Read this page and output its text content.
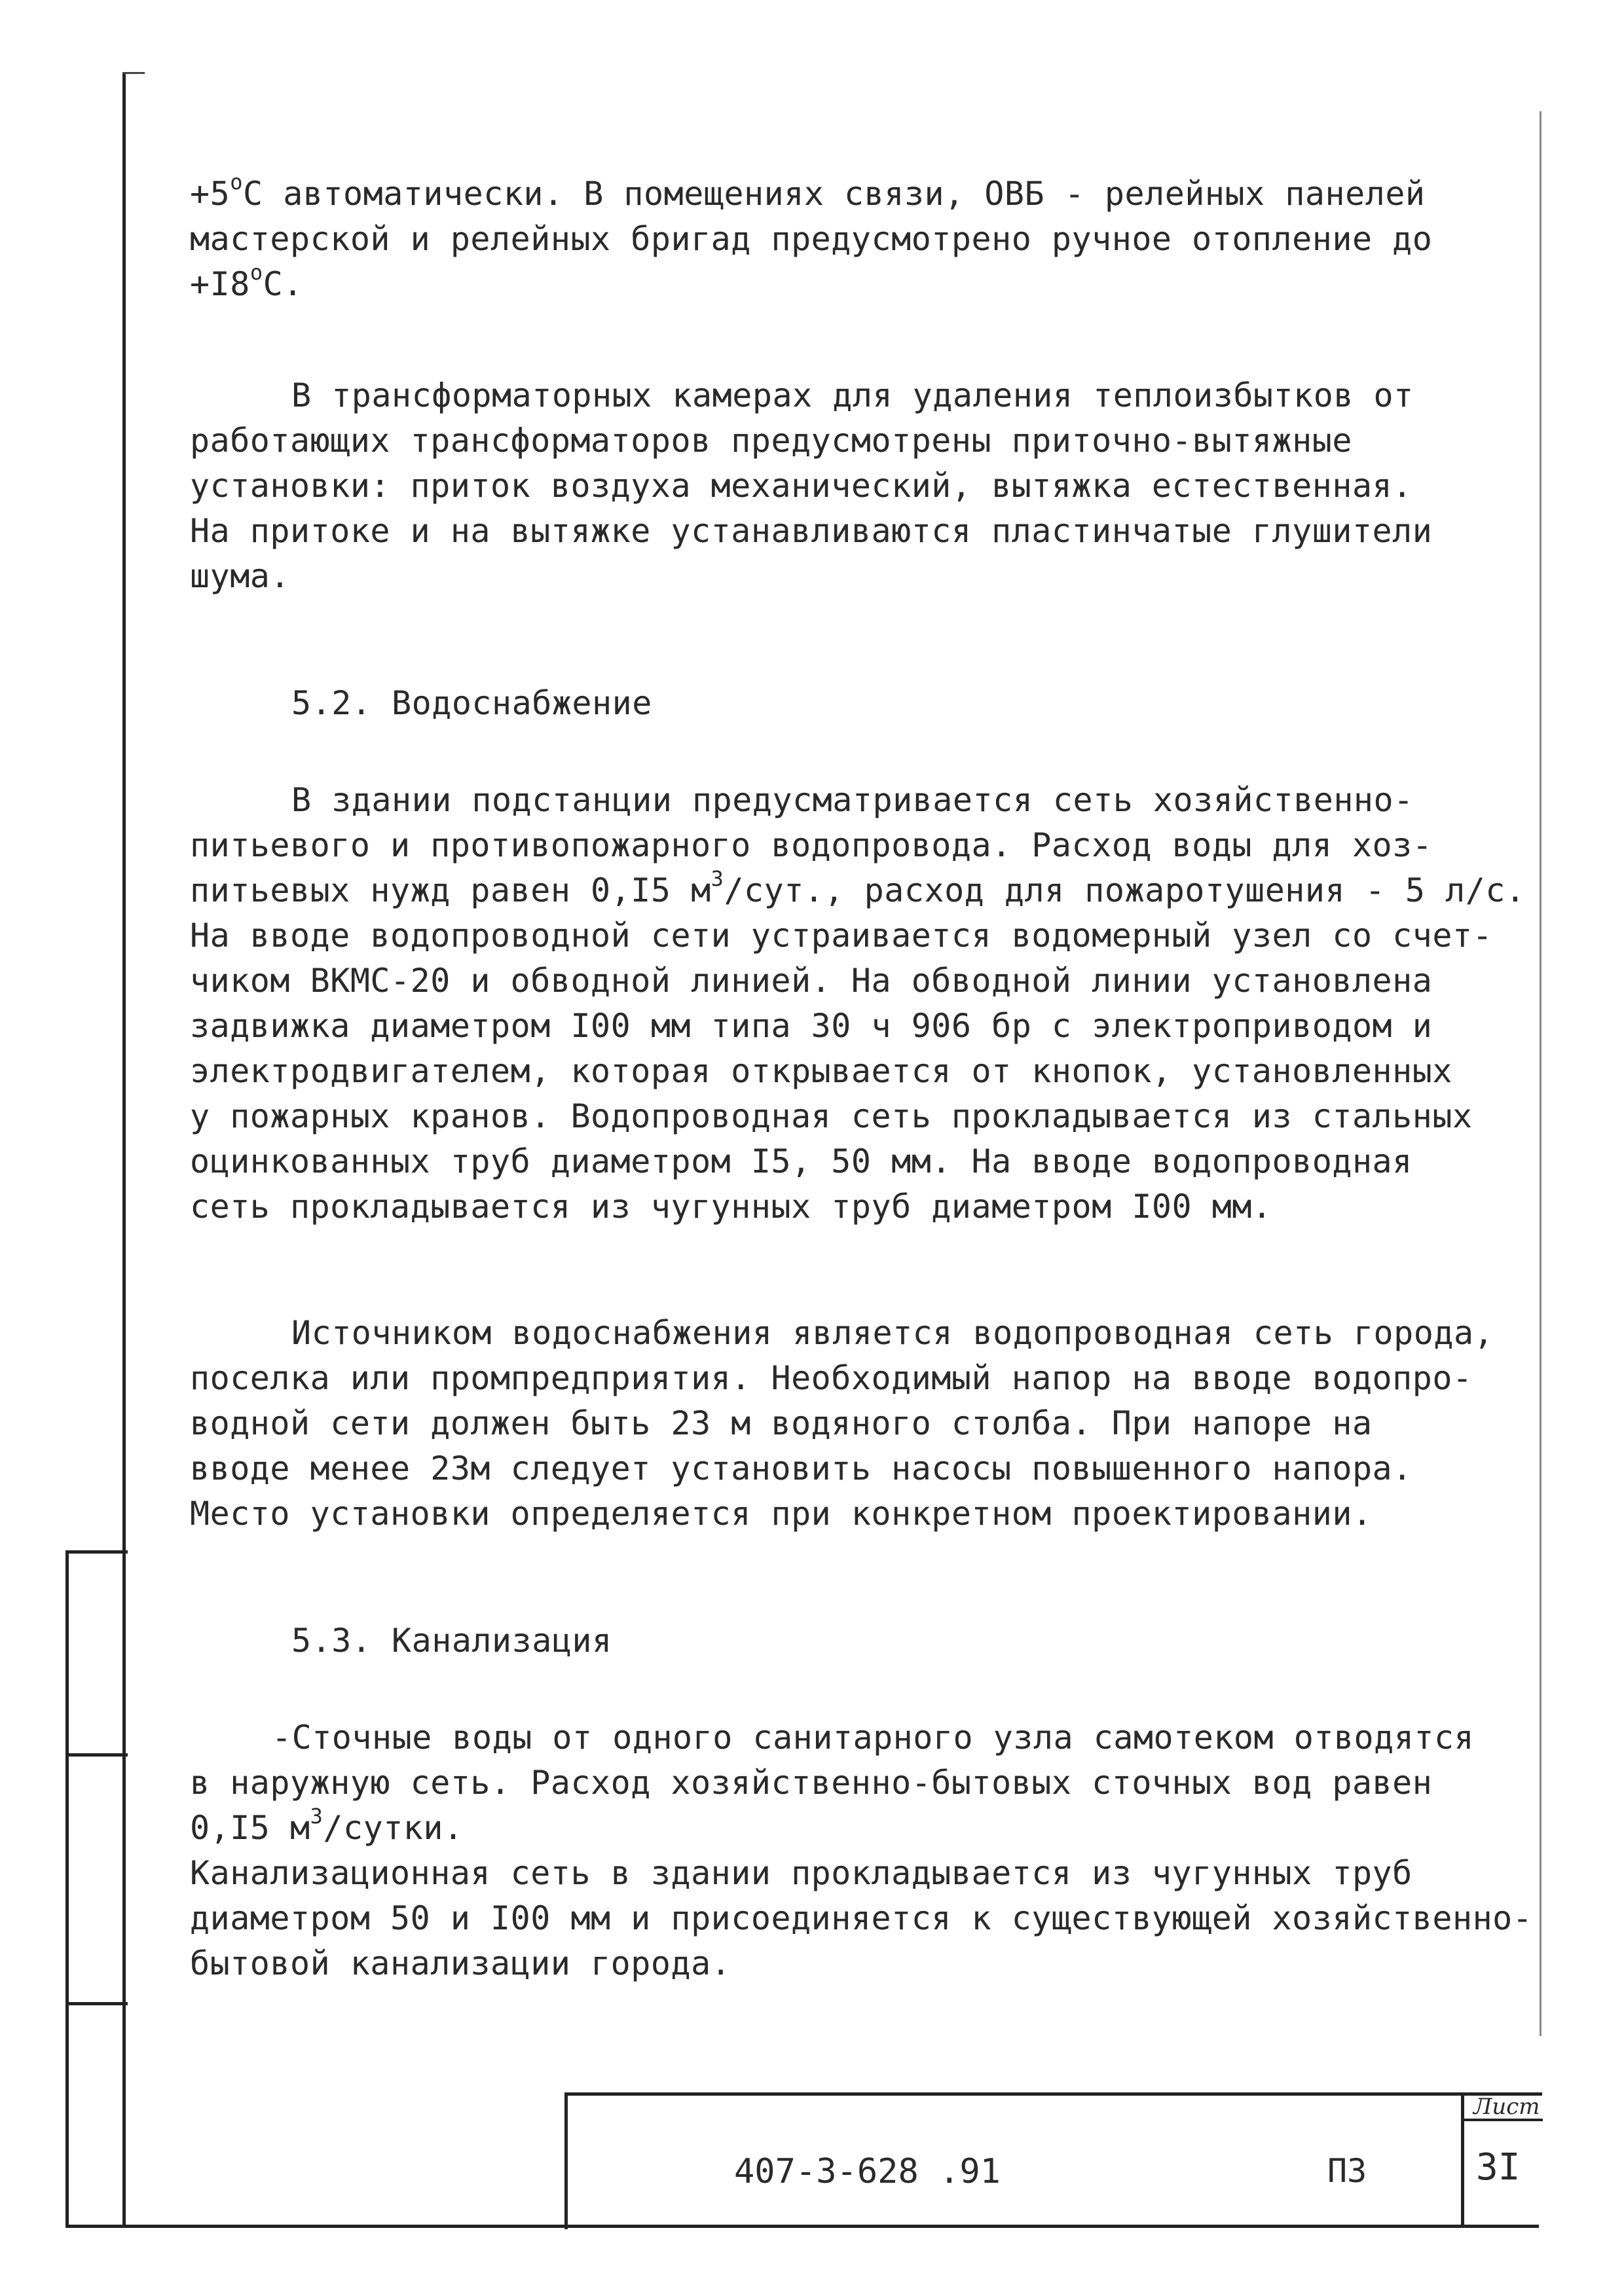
$+5^oC$ автоматически. В помещениях связи, ОВБ - релейных панелей

мастерской и релейных бригад предусмотрено ручное отопление до

$+I8^oC$.

В трансформаторных камерах для удаления теплоизбытков от

работающих трансформаторов предусмотрены приточно-вытяжные

установки: приток воздуха механический, вытяжка естественная.

На притоке и на вытяжке устанавливаются пластинчатые глушители

шума.

5.2. Водоснабжение

В здании подстанции предусматривается сеть хозяйственно-

питьевого и противопожарного водопровода. Расход воды для хоз-

питьевых нужд равен 0,I5 $м^3$/сут., расход для пожаротушения - 5 л/с.

На вводе водопроводной сети устраивается водомерный узел со счет-

чиком ВКМС-20 и обводной линией. На обводной линии установлена

задвижка диаметром I00 мм типа 30 ч 906 бр с электроприводом и

электродвигателем, которая открывается от кнопок, установленных

у пожарных кранов. Водопроводная сеть прокладывается из стальных

оцинкованных труб диаметром I5, 50 мм. На вводе водопроводная

сеть прокладывается из чугунных труб диаметром I00 мм.

Источником водоснабжения является водопроводная сеть города,

поселка или промпредприятия. Необходимый напор на вводе водопро-

водной сети должен быть 23 м водяного столба. При напоре на

вводе менее 23м следует установить насосы повышенного напора.

Место установки определяется при конкретном проектировании.

5.3. Канализация

-Сточные воды от одного санитарного узла самотеком отводятся

в наружную сеть. Расход хозяйственно-бытовых сточных вод равен

0,I5 $м^3$/сутки.

Канализационная сеть в здании прокладывается из чугунных труб

диаметром 50 и I00 мм и присоединяется к существующей хозяйственно-

бытовой канализации города.

407-3-628 .91	ПЗ
Лист
3I
